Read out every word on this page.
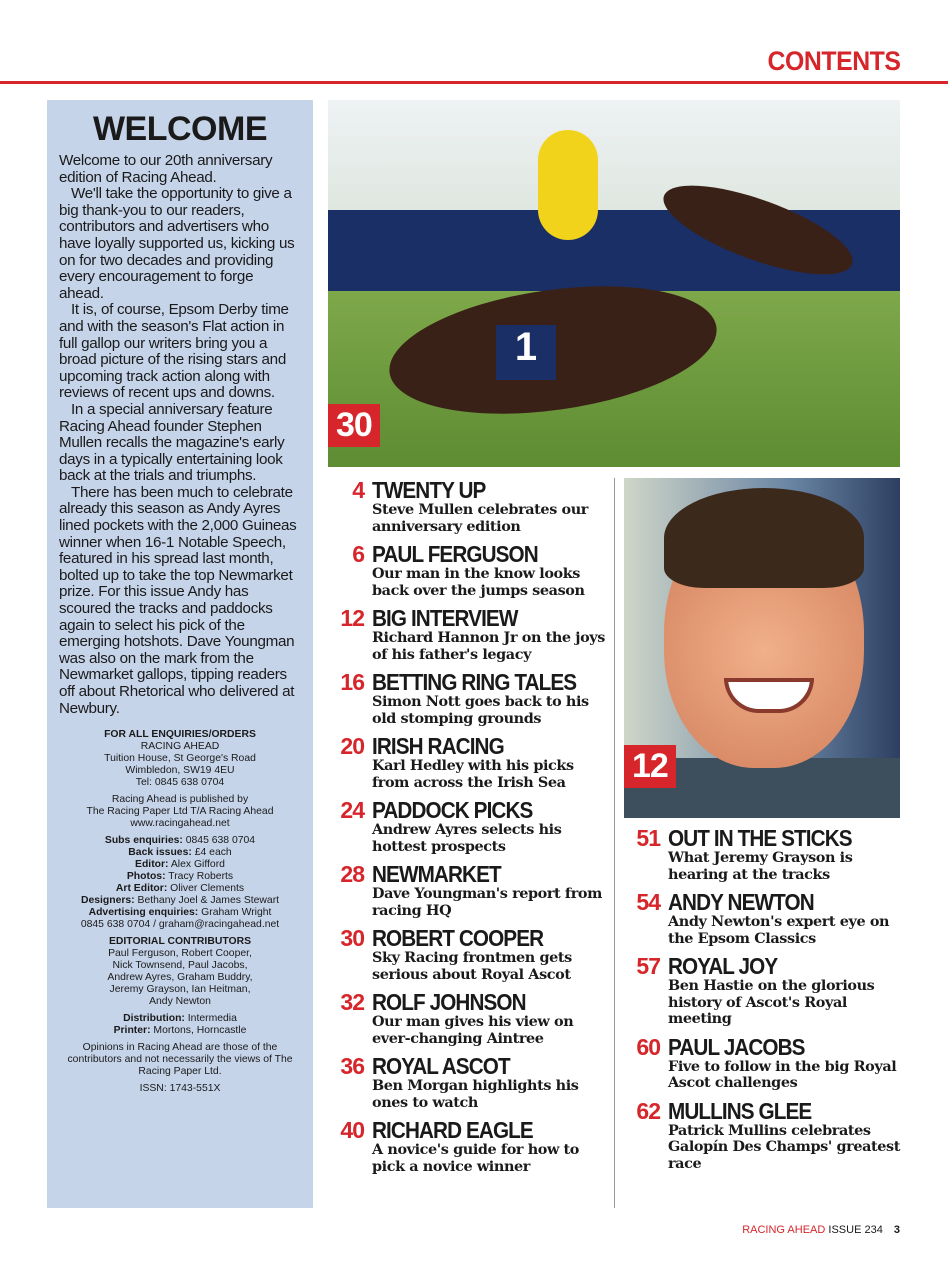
CONTENTS
WELCOME

Welcome to our 20th anniversary edition of Racing Ahead.

We'll take the opportunity to give a big thank-you to our readers, contributors and advertisers who have loyally supported us, kicking us on for two decades and providing every encouragement to forge ahead.

It is, of course, Epsom Derby time and with the season's Flat action in full gallop our writers bring you a broad picture of the rising stars and upcoming track action along with reviews of recent ups and downs.

In a special anniversary feature Racing Ahead founder Stephen Mullen recalls the magazine's early days in a typically entertaining look back at the trials and triumphs.

There has been much to celebrate already this season as Andy Ayres lined pockets with the 2,000 Guineas winner when 16-1 Notable Speech, featured in his spread last month, bolted up to take the top Newmarket prize. For this issue Andy has scoured the tracks and paddocks again to select his pick of the emerging hotshots. Dave Youngman was also on the mark from the Newmarket gallops, tipping readers off about Rhetorical who delivered at Newbury.

FOR ALL ENQUIRIES/ORDERS
RACING AHEAD
Tuition House, St George's Road
Wimbledon, SW19 4EU
Tel: 0845 638 0704
Racing Ahead is published by
The Racing Paper Ltd T/A Racing Ahead
www.racingahead.net
Subs enquiries: 0845 638 0704
Back issues: £4 each
Editor: Alex Gifford
Photos: Tracy Roberts
Art Editor: Oliver Clements
Designers: Bethany Joel & James Stewart
Advertising enquiries: Graham Wright
0845 638 0704 / graham@racingahead.net
EDITORIAL CONTRIBUTORS
Paul Ferguson, Robert Cooper, Nick Townsend, Paul Jacobs, Andrew Ayres, Graham Buddry, Jeremy Grayson, Ian Heitman, Andy Newton
Distribution: Intermedia
Printer: Mortons, Horncastle
Opinions in Racing Ahead are those of the contributors and not necessarily the views of The Racing Paper Ltd.
ISSN: 1743-551X
1
30
12
4 TWENTY UP
Steve Mullen celebrates our anniversary edition
6 PAUL FERGUSON
Our man in the know looks back over the jumps season
12 BIG INTERVIEW
Richard Hannon Jr on the joys of his father's legacy
16 BETTING RING TALES
Simon Nott goes back to his old stomping grounds
20 IRISH RACING
Karl Hedley with his picks from across the Irish Sea
24 PADDOCK PICKS
Andrew Ayres selects his hottest prospects
28 NEWMARKET
Dave Youngman's report from racing HQ
30 ROBERT COOPER
Sky Racing frontmen gets serious about Royal Ascot
32 ROLF JOHNSON
Our man gives his view on ever-changing Aintree
36 ROYAL ASCOT
Ben Morgan highlights his ones to watch
40 RICHARD EAGLE
A novice's guide for how to pick a novice winner
51 OUT IN THE STICKS
What Jeremy Grayson is hearing at the tracks
54 ANDY NEWTON
Andy Newton's expert eye on the Epsom Classics
57 ROYAL JOY
Ben Hastie on the glorious history of Ascot's Royal meeting
60 PAUL JACOBS
Five to follow in the big Royal Ascot challenges
62 MULLINS GLEE
Patrick Mullins celebrates Galopín Des Champs' greatest race
RACING AHEAD ISSUE 234 3
